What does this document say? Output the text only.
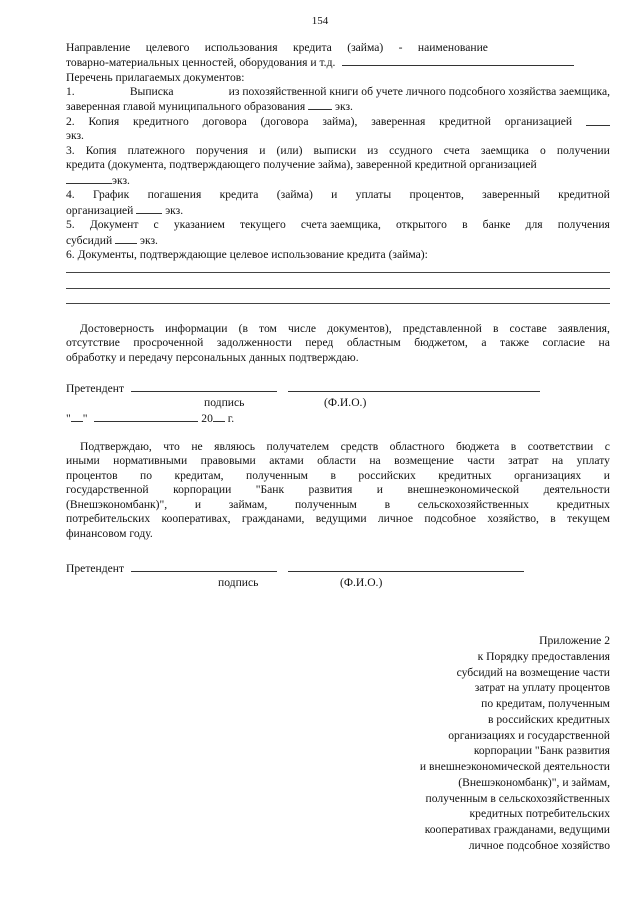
154
Направление целевого использования кредита (займа) - наименование
товарно-материальных ценностей, оборудования и т.д.
Перечень прилагаемых документов:
1.	Выписка	из похозяйственной книги об учете личного подсобного хозяйства заемщика,
заверенная главой муниципального образования	экз.
2. Копия кредитного договора (договора займа), заверенная кредитной организацией
экз.
3. Копия платежного поручения и (или) выписки из ссудного счета заемщика о получении
кредита (документа, подтверждающего получение займа), заверенной кредитной организацией
экз.
4. График погашения кредита (займа) и уплаты процентов, заверенный кредитной
организацией	экз.
5. Документ с указанием текущего счета заемщика, открытого в банке для получения
субсидий экз.
6. Документы, подтверждающие целевое использование кредита (займа):
Достоверность информации (в том числе документов), представленной в составе заявления,
отсутствие просроченной задолженности перед областным бюджетом, а также согласие на
обработку и передачу персональных данных подтверждаю.
Претендент
подпись	(Ф.И.О.)
" "	20 г.
Подтверждаю, что не являюсь получателем средств областного бюджета в соответствии с
иными нормативными правовыми актами области на возмещение части затрат на уплату
процентов по кредитам, полученным в российских кредитных организациях и
государственной корпорации "Банк развития и внешнеэкономической деятельности
(Внешэкономбанк)", и займам, полученным в сельскохозяйственных кредитных
потребительских кооперативах, гражданами, ведущими личное подсобное хозяйство, в текущем
финансовом году.
Претендент
подпись	(Ф.И.О.)
Приложение 2
к Порядку предоставления
субсидий на возмещение части
затрат на уплату процентов
по кредитам, полученным
в российских кредитных
организациях и государственной
корпорации "Банк развития
и внешнеэкономической деятельности
(Внешэкономбанк)", и займам,
полученным в сельскохозяйственных
кредитных потребительских
кооперативах гражданами, ведущими
личное подсобное хозяйство
